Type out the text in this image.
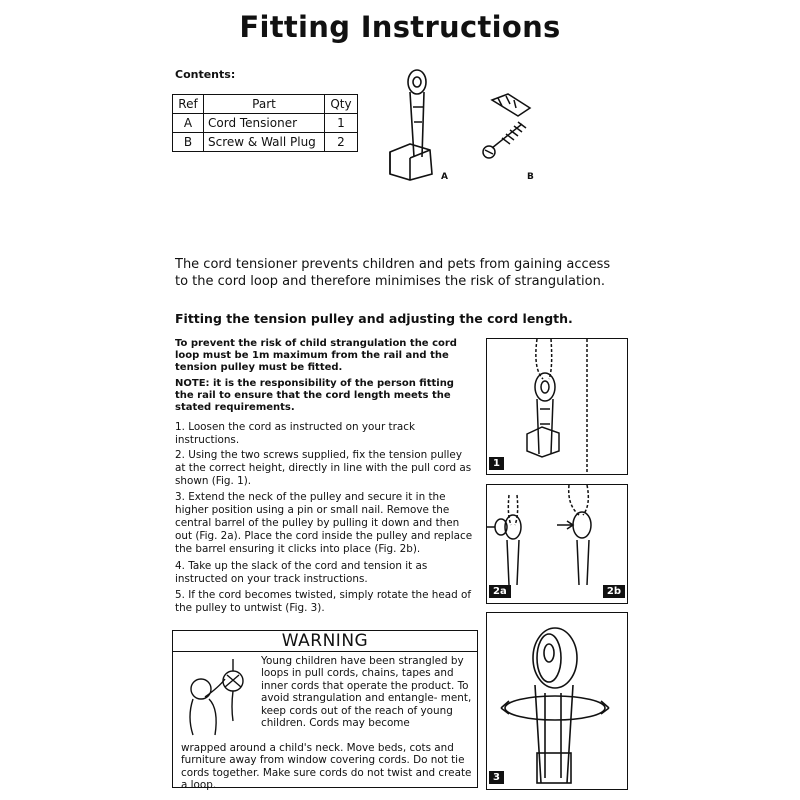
Fitting Instructions
Contents:
Ref	Part	Qty
A	Cord Tensioner	1
B	Screw & Wall Plug	2
A	B
The cord tensioner prevents children and pets from gaining access to the cord loop and therefore minimises the risk of strangulation.
Fitting the tension pulley and adjusting the cord length.
To prevent the risk of child strangulation the cord loop must be 1m maximum from the rail and the tension pulley must be fitted.
NOTE: it is the responsibility of the person fitting the rail to ensure that the cord length meets the stated requirements.
1. Loosen the cord as instructed on your track instructions.
2. Using the two screws supplied, fix the tension pulley at the correct height, directly in line with the pull cord as shown (Fig. 1).
3. Extend the neck of the pulley and secure it in the higher position using a pin or small nail. Remove the central barrel of the pulley by pulling it down and then out (Fig. 2a). Place the cord inside the pulley and replace the barrel ensuring it clicks into place (Fig. 2b).
4. Take up the slack of the cord and tension it as instructed on your track instructions.
5. If the cord becomes twisted, simply rotate the head of the pulley to untwist (Fig. 3).
1
2a	2b
3
WARNING
Young children have been strangled by loops in pull cords, chains, tapes and inner cords that operate the product. To avoid strangulation and entangle- ment, keep cords out of the reach of young children. Cords may become
wrapped around a child's neck. Move beds, cots and furniture away from window covering cords. Do not tie cords together. Make sure cords do not twist and create a loop.
